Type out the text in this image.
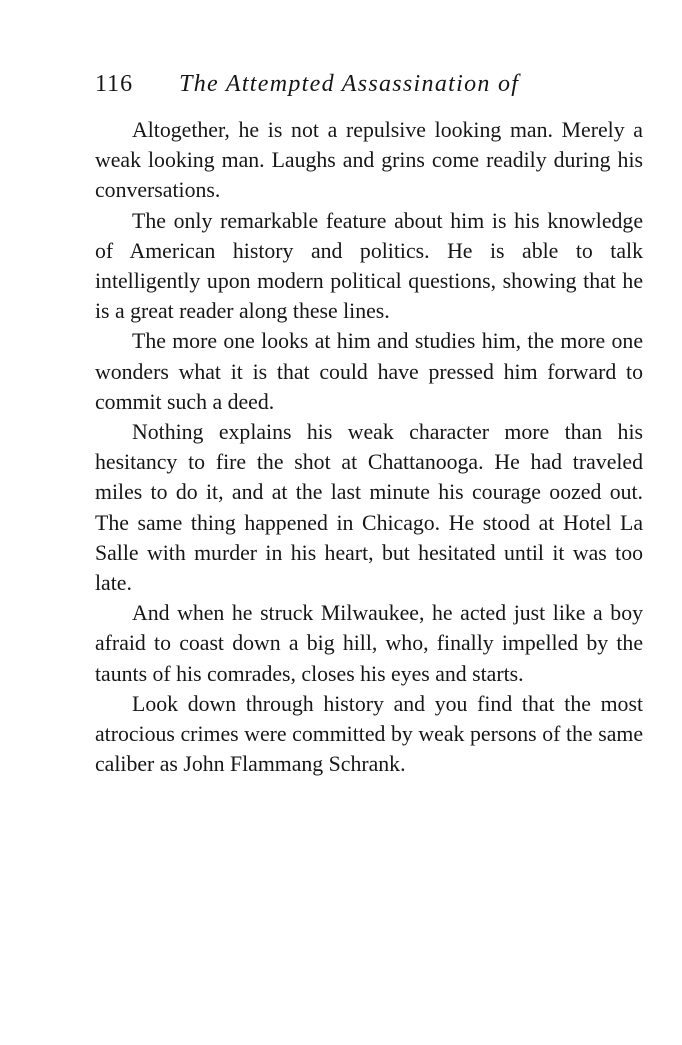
116 The Attempted Assassination of

Altogether, he is not a repulsive looking man. Merely a weak looking man. Laughs and grins come readily during his conversations.

The only remarkable feature about him is his knowledge of American history and politics. He is able to talk intelligently upon modern political questions, showing that he is a great reader along these lines.

The more one looks at him and studies him, the more one wonders what it is that could have pressed him forward to commit such a deed.

Nothing explains his weak character more than his hesitancy to fire the shot at Chattanooga. He had traveled miles to do it, and at the last minute his courage oozed out. The same thing happened in Chicago. He stood at Hotel La Salle with murder in his heart, but hesitated until it was too late.

And when he struck Milwaukee, he acted just like a boy afraid to coast down a big hill, who, finally impelled by the taunts of his comrades, closes his eyes and starts.

Look down through history and you find that the most atrocious crimes were committed by weak persons of the same caliber as John Flammang Schrank.
